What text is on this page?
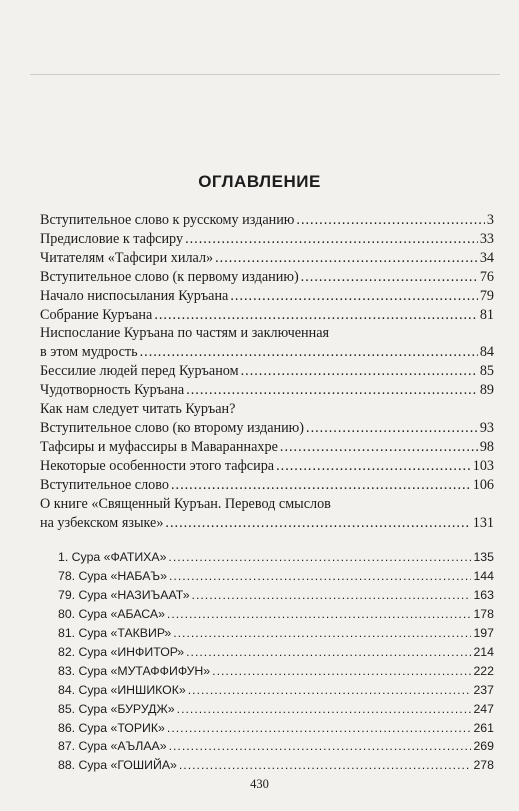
ОГЛАВЛЕНИЕ
Вступительное слово к русскому изданию .....	3
Предисловие к тафсиру .....	33
Читателям «Тафсири хилал» .....	34
Вступительное слово (к первому изданию) .....	76
Начало ниспосылания Куръана .....	79
Собрание Куръана .....	81
Ниспослание Куръана по частям и заключенная
в этом мудрость .....	84
Бессилие людей перед Куръаном .....	85
Чудотворность Куръана .....	89
Как нам следует читать Куръан?
Вступительное слово (ко второму изданию) .....	93
Тафсиры и муфассиры в Мавараннахре .....	98
Некоторые особенности этого тафсира .....	103
Вступительное слово .....	106
О книге «Священный Куръан. Перевод смыслов
на узбекском языке» .....	131
1. Сура «ФАТИХА» .....	135
78. Сура «НАБАЪ» .....	144
79. Сура «НАЗИЪААТ» .....	163
80. Сура «АБАСА» .....	178
81. Сура «ТАКВИР» .....	197
82. Сура «ИНФИТОР» .....	214
83. Сура «МУТАФФИФУН» .....	222
84. Сура «ИНШИКОК» .....	237
85. Сура «БУРУДЖ» .....	247
86. Сура «ТОРИК» .....	261
87. Сура «АЪЛАА» .....	269
88. Сура «ГОШИЙА» .....	278
430
